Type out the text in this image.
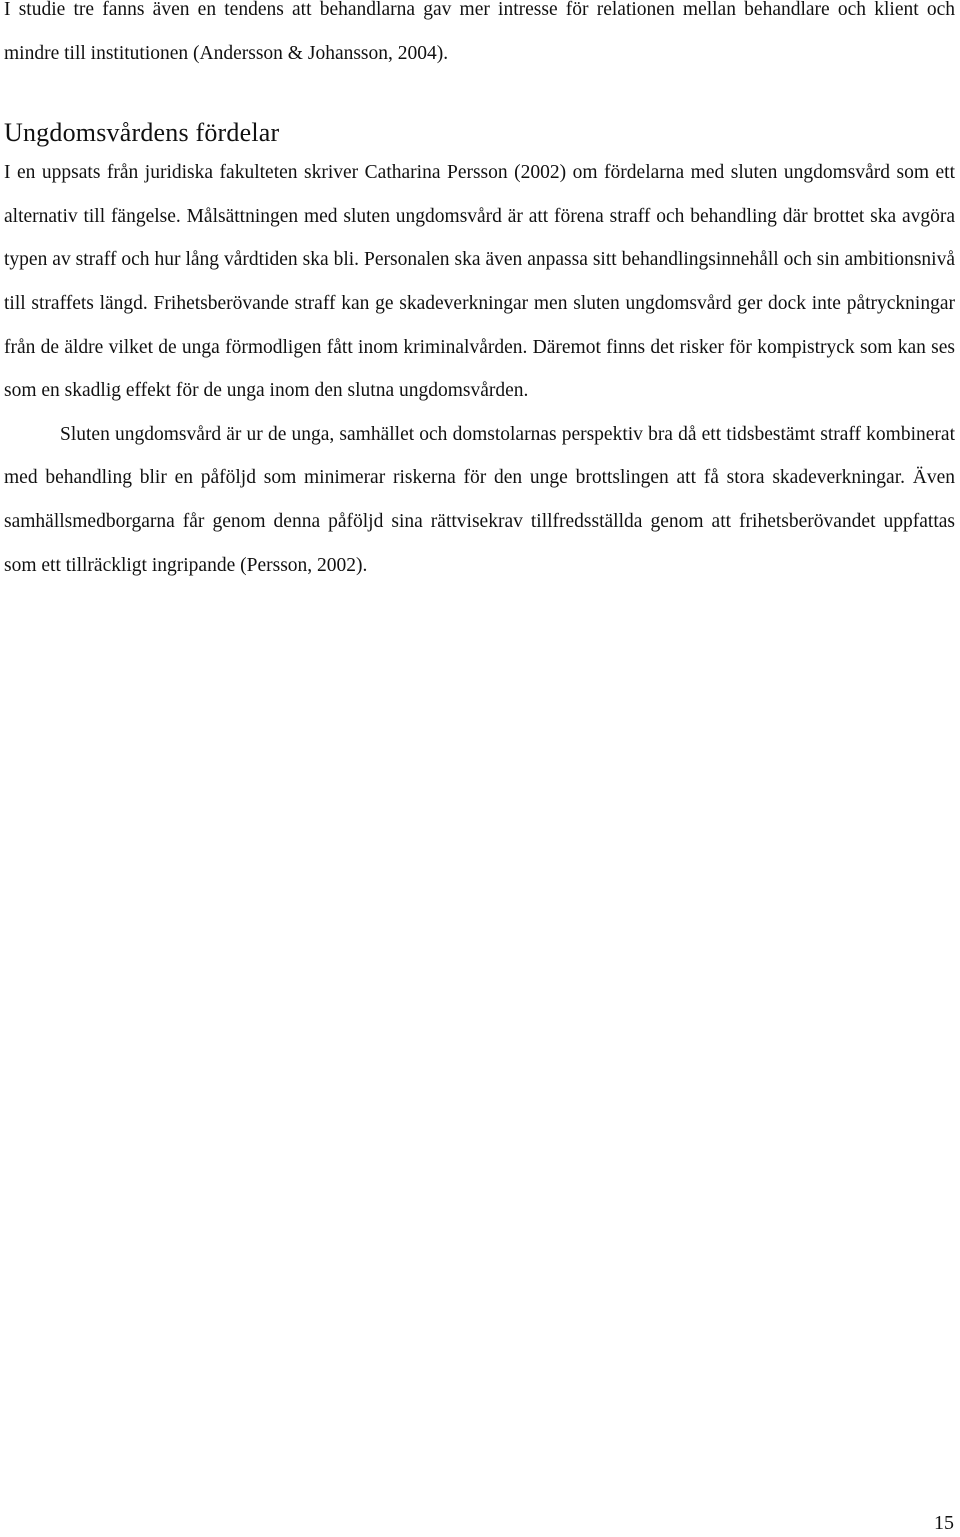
I studie tre fanns även en tendens att behandlarna gav mer intresse för relationen mellan behandlare och klient och mindre till institutionen (Andersson & Johansson, 2004).

Ungdomsvårdens fördelar

I en uppsats från juridiska fakulteten skriver Catharina Persson (2002) om fördelarna med sluten ungdomsvård som ett alternativ till fängelse. Målsättningen med sluten ungdomsvård är att förena straff och behandling där brottet ska avgöra typen av straff och hur lång vårdtiden ska bli. Personalen ska även anpassa sitt behandlingsinnehåll och sin ambitionsnivå till straffets längd. Frihetsberövande straff kan ge skadeverkningar men sluten ungdomsvård ger dock inte påtryckningar från de äldre vilket de unga förmodligen fått inom kriminalvården. Däremot finns det risker för kompistryck som kan ses som en skadlig effekt för de unga inom den slutna ungdomsvården.

Sluten ungdomsvård är ur de unga, samhället och domstolarnas perspektiv bra då ett tidsbestämt straff kombinerat med behandling blir en påföljd som minimerar riskerna för den unge brottslingen att få stora skadeverkningar. Även samhällsmedborgarna får genom denna påföljd sina rättvisekrav tillfredsställda genom att frihetsberövandet uppfattas som ett tillräckligt ingripande (Persson, 2002).

15
